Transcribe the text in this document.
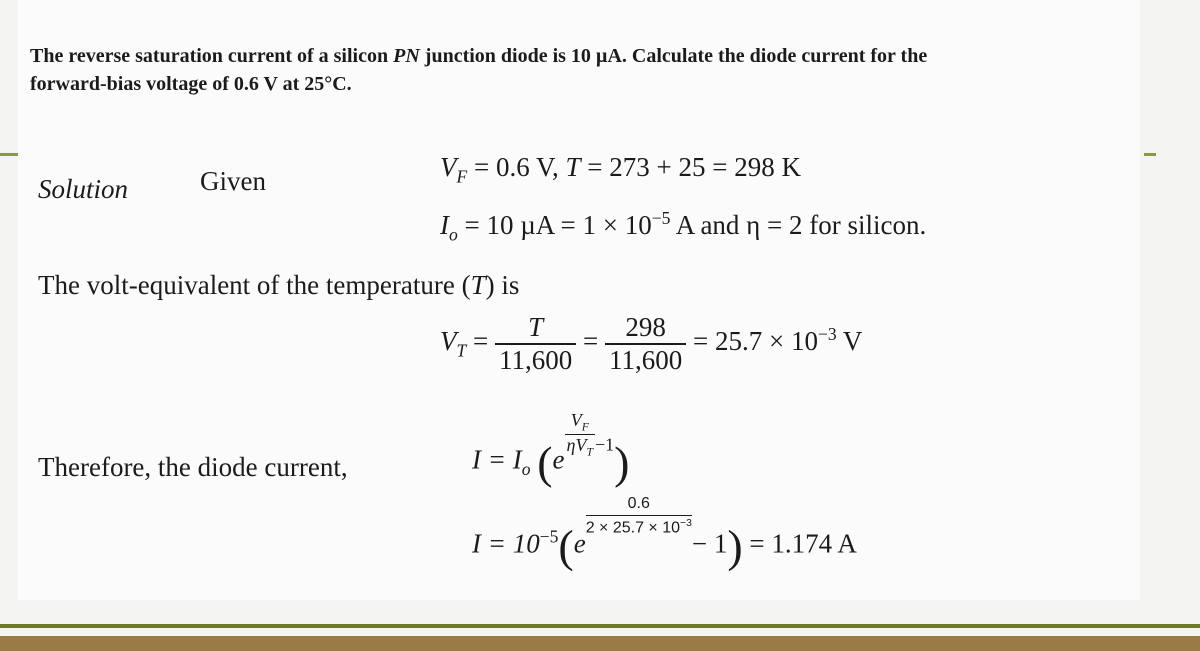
The reverse saturation current of a silicon PN junction diode is 10 µA. Calculate the diode current for the
forward-bias voltage of 0.6 V at 25°C.
Solution	Given	$V_F = 0.6$ V, T = 273 + 25 = 298 K
$I_o = 10$ $\mu A = 1 \times 10^{-5}$ A and η = 2 for silicon.
The volt-equivalent of the temperature (T) is
$V_T = \frac{T}{11,600} = \frac{298}{11,600} = 25.7 \times 10^{-3}$ V
Therefore, the diode current,	$I = I_o$ (e
$\frac{V_F}{\eta V_T} ^{-1}$)
$I = 10^{-5}(e$
$\frac{0.6}{2 \times 25.7 \times 10^{-3}}$
− 1) = 1.174 A
